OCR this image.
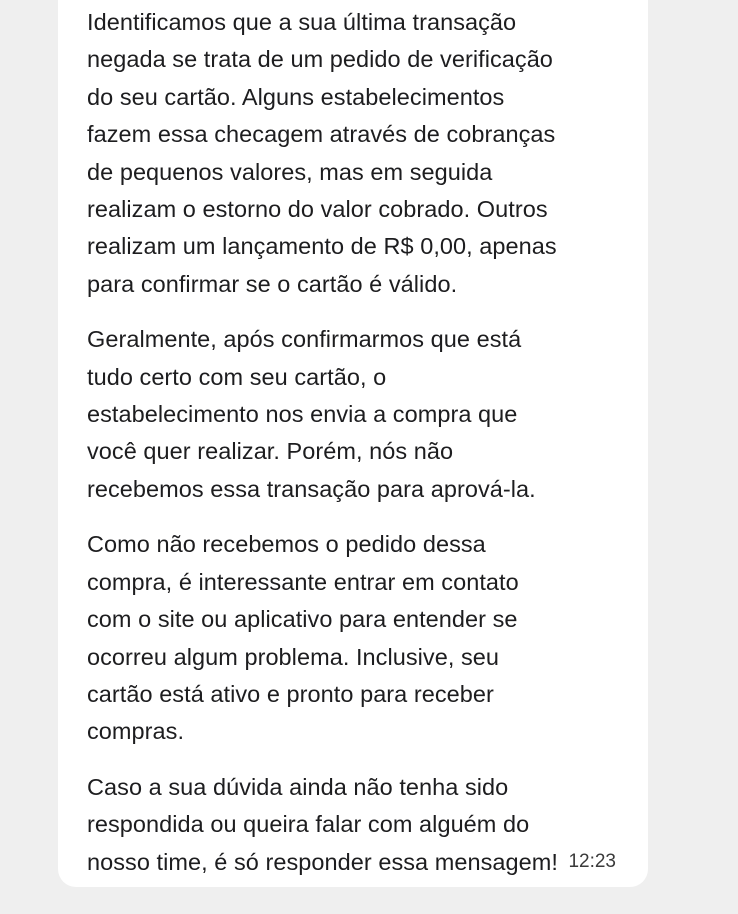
Identificamos que a sua última transação
negada se trata de um pedido de verificação
do seu cartão. Alguns estabelecimentos
fazem essa checagem através de cobranças
de pequenos valores, mas em seguida
realizam o estorno do valor cobrado. Outros
realizam um lançamento de R$ 0,00, apenas
para confirmar se o cartão é válido.

Geralmente, após confirmarmos que está
tudo certo com seu cartão, o
estabelecimento nos envia a compra que
você quer realizar. Porém, nós não
recebemos essa transação para aprová-la.

Como não recebemos o pedido dessa
compra, é interessante entrar em contato
com o site ou aplicativo para entender se
ocorreu algum problema. Inclusive, seu
cartão está ativo e pronto para receber
compras.

Caso a sua dúvida ainda não tenha sido
respondida ou queira falar com alguém do
nosso time, é só responder essa mensagem! 12:23
